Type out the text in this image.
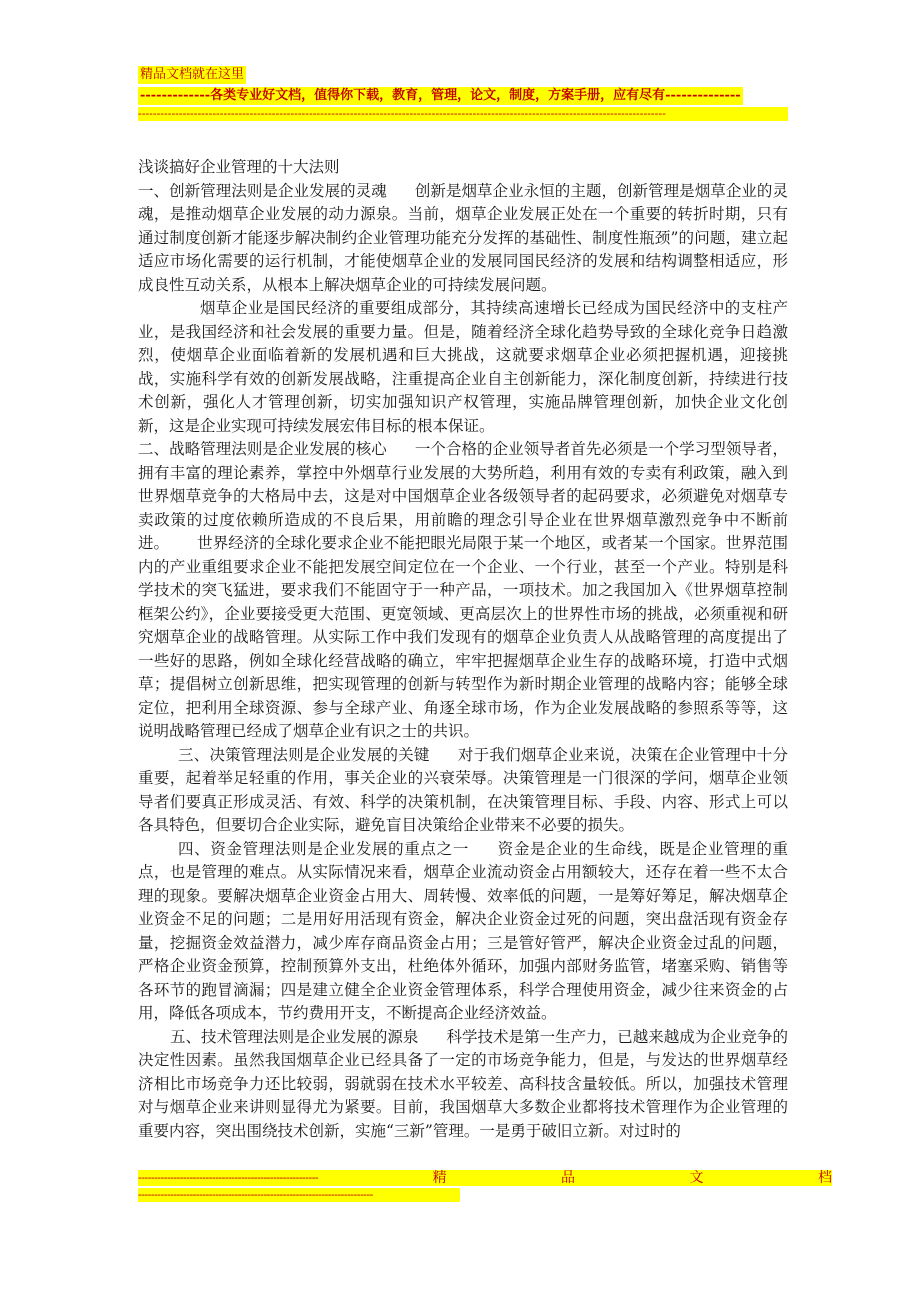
精品文档就在这里
-------------各类专业好文档，值得你下载，教育，管理，论文，制度，方案手册，应有尽有--------------
----------------------------------------------------------------------------------------------------------------------------------------------

浅谈搞好企业管理的十大法则

一、创新管理法则是企业发展的灵魂 创新是烟草企业永恒的主题，创新管理是烟草企业的灵魂，是推动烟草企业发展的动力源泉。当前，烟草企业发展正处在一个重要的转折时期，只有通过制度创新才能逐步解决制约企业管理功能充分发挥的基础性、制度性瓶颈”的问题，建立起适应市场化需要的运行机制，才能使烟草企业的发展同国民经济的发展和结构调整相适应，形成良性互动关系，从根本上解决烟草企业的可持续发展问题。

烟草企业是国民经济的重要组成部分，其持续高速增长已经成为国民经济中的支柱产业，是我国经济和社会发展的重要力量。但是，随着经济全球化趋势导致的全球化竞争日趋激烈，使烟草企业面临着新的发展机遇和巨大挑战，这就要求烟草企业必须把握机遇，迎接挑战，实施科学有效的创新发展战略，注重提高企业自主创新能力，深化制度创新，持续进行技术创新，强化人才管理创新，切实加强知识产权管理，实施品牌管理创新，加快企业文化创新，这是企业实现可持续发展宏伟目标的根本保证。

二、战略管理法则是企业发展的核心 一个合格的企业领导者首先必须是一个学习型领导者，拥有丰富的理论素养，掌控中外烟草行业发展的大势所趋，利用有效的专卖有利政策，融入到世界烟草竞争的大格局中去，这是对中国烟草企业各级领导者的起码要求，必须避免对烟草专卖政策的过度依赖所造成的不良后果，用前瞻的理念引导企业在世界烟草激烈竞争中不断前进。 世界经济的全球化要求企业不能把眼光局限于某一个地区，或者某一个国家。世界范围内的产业重组要求企业不能把发展空间定位在一个企业、一个行业，甚至一个产业。特别是科学技术的突飞猛进，要求我们不能固守于一种产品，一项技术。加之我国加入《世界烟草控制框架公约》，企业要接受更大范围、更宽领域、更高层次上的世界性市场的挑战，必须重视和研究烟草企业的战略管理。从实际工作中我们发现有的烟草企业负责人从战略管理的高度提出了一些好的思路，例如全球化经营战略的确立，牢牢把握烟草企业生存的战略环境，打造中式烟草；提倡树立创新思维，把实现管理的创新与转型作为新时期企业管理的战略内容；能够全球定位，把利用全球资源、参与全球产业、角逐全球市场，作为企业发展战略的参照系等等，这说明战略管理已经成了烟草企业有识之士的共识。

三、决策管理法则是企业发展的关键 对于我们烟草企业来说，决策在企业管理中十分重要，起着举足轻重的作用，事关企业的兴衰荣辱。决策管理是一门很深的学问，烟草企业领导者们要真正形成灵活、有效、科学的决策机制，在决策管理目标、手段、内容、形式上可以各具特色，但要切合企业实际，避免盲目决策给企业带来不必要的损失。

四、资金管理法则是企业发展的重点之一 资金是企业的生命线，既是企业管理的重点，也是管理的难点。从实际情况来看，烟草企业流动资金占用额较大，还存在着一些不太合理的现象。要解决烟草企业资金占用大、周转慢、效率低的问题，一是筹好筹足，解决烟草企业资金不足的问题；二是用好用活现有资金，解决企业资金过死的问题，突出盘活现有资金存量，挖掘资金效益潜力，减少库存商品资金占用；三是管好管严，解决企业资金过乱的问题，严格企业资金预算，控制预算外支出，杜绝体外循环，加强内部财务监管，堵塞采购、销售等各环节的跑冒滴漏；四是建立健全企业资金管理体系，科学合理使用资金，减少往来资金的占用，降低各项成本，节约费用开支，不断提高企业经济效益。

五、技术管理法则是企业发展的源泉 科学技术是第一生产力，已越来越成为企业竞争的决定性因素。虽然我国烟草企业已经具备了一定的市场竞争能力，但是，与发达的世界烟草经济相比市场竞争力还比较弱，弱就弱在技术水平较差、高科技含量较低。所以，加强技术管理对与烟草企业来讲则显得尤为紧要。目前，我国烟草大多数企业都将技术管理作为企业管理的重要内容，突出围绕技术创新，实施“三新”管理。一是勇于破旧立新。对过时的

--------------------------------------------------------	精	品	文	档
-------------------------------------------------------------------------
